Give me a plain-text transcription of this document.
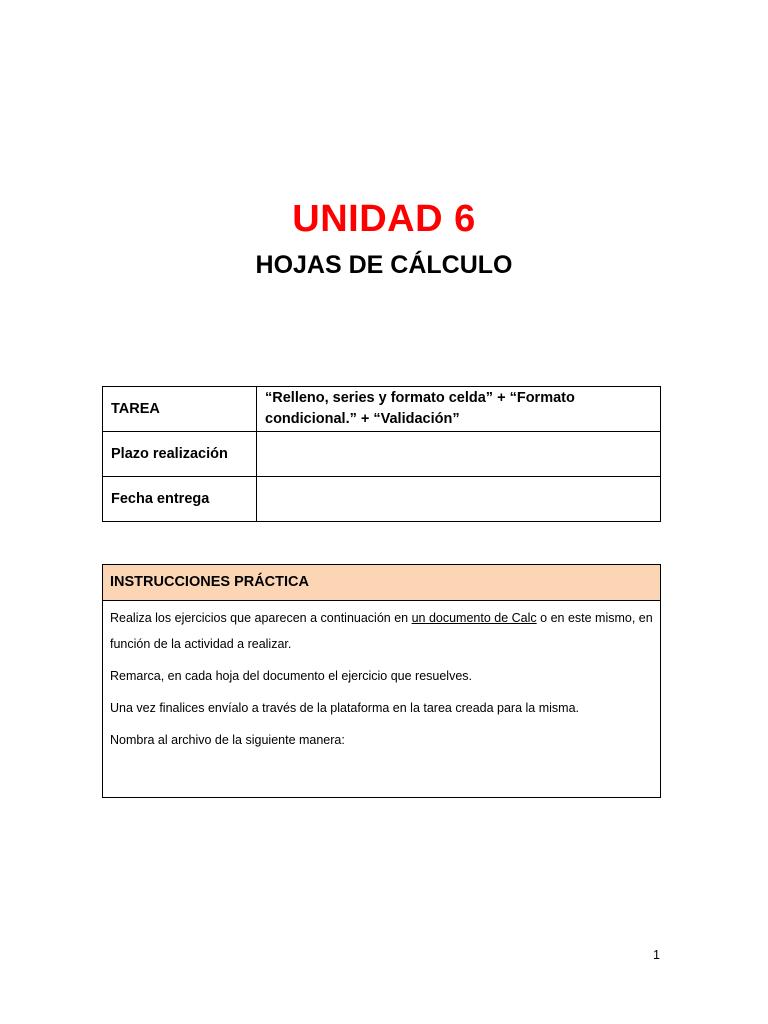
UNIDAD 6
HOJAS DE CÁLCULO
TAREA	“Relleno, series y formato celda” + “Formato condicional.” + “Validación”
Plazo realización	
Fecha entrega	
INSTRUCCIONES PRÁCTICA

Realiza los ejercicios que aparecen a continuación en un documento de Calc o en este mismo, en función de la actividad a realizar.

Remarca, en cada hoja del documento el ejercicio que resuelves.

Una vez finalices envíalo a través de la plataforma en la tarea creada para la misma.

Nombra al archivo de la siguiente manera:

1
